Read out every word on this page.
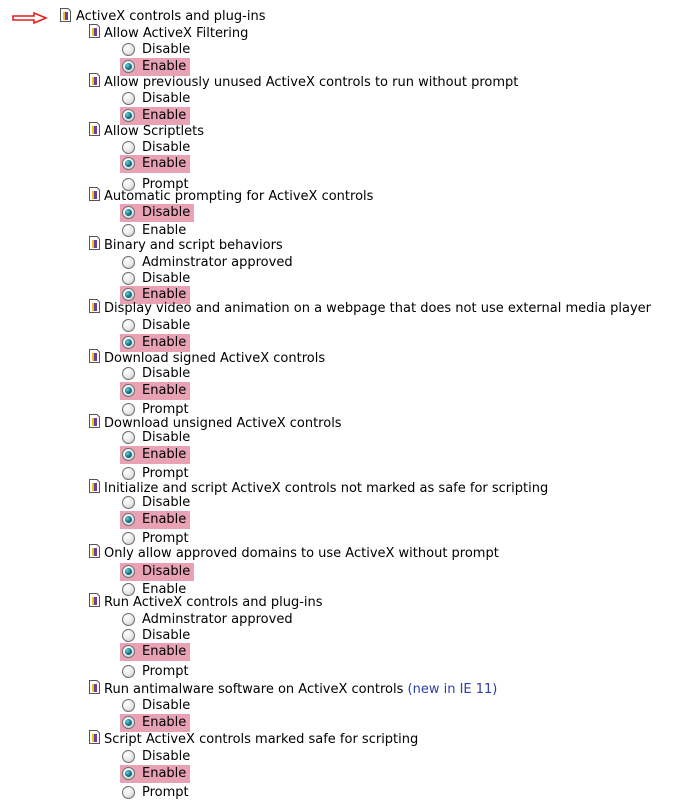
ActiveX controls and plug-ins
Allow ActiveX Filtering
Disable
Enable
Allow previously unused ActiveX controls to run without prompt
Disable
Enable
Allow Scriptlets
Disable
Enable
Prompt
Automatic prompting for ActiveX controls
Disable
Enable
Binary and script behaviors
Adminstrator approved
Disable
Enable
Display video and animation on a webpage that does not use external media player
Disable
Enable
Download signed ActiveX controls
Disable
Enable
Prompt
Download unsigned ActiveX controls
Disable
Enable
Prompt
Initialize and script ActiveX controls not marked as safe for scripting
Disable
Enable
Prompt
Only allow approved domains to use ActiveX without prompt
Disable
Enable
Run ActiveX controls and plug-ins
Adminstrator approved
Disable
Enable
Prompt
Run antimalware software on ActiveX controls (new in IE 11)
Disable
Enable
Script ActiveX controls marked safe for scripting
Disable
Enable
Prompt
